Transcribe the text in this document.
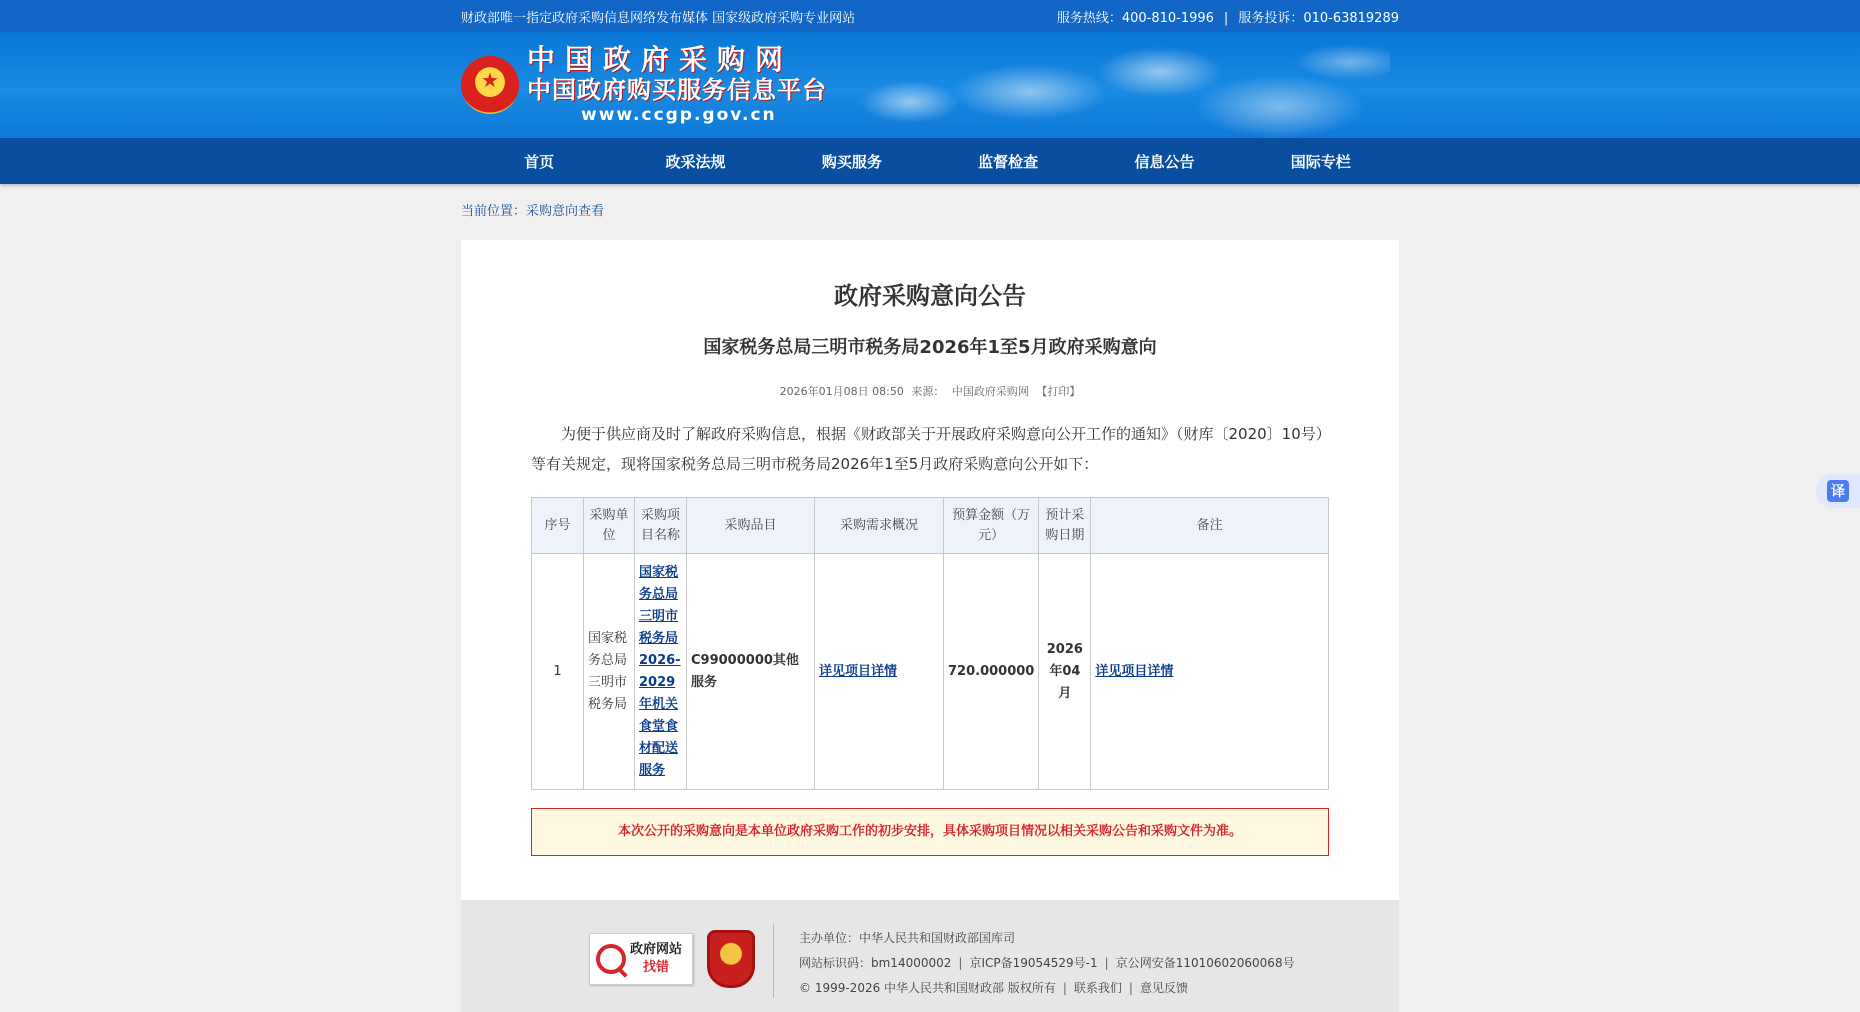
财政部唯一指定政府采购信息网络发布媒体 国家级政府采购专业网站	服务热线：400-810-1996 | 服务投诉：010-63819289
★
中国政府采购网
中国政府购买服务信息平台
www.ccgp.gov.cn
首页	政采法规	购买服务	监督检查	信息公告	国际专栏
当前位置：采购意向查看
政府采购意向公告
国家税务总局三明市税务局2026年1至5月政府采购意向
2026年01月08日 08:50 来源： 中国政府采购网 【打印】

为便于供应商及时了解政府采购信息，根据《财政部关于开展政府采购意向公开工作的通知》（财库〔2020〕10号）等有关规定，现将国家税务总局三明市税务局2026年1至5月政府采购意向公开如下：

序号	采购单位	采购项目名称	采购品目	采购需求概况	预算金额（万元）	预计采购日期	备注
1	国家税务总局三明市税务局	国家税务总局三明市税务局2026-2029年机关食堂食材配送服务	C99000000其他服务	详见项目详情	720.000000	2026年04月	详见项目详情
本次公开的采购意向是本单位政府采购工作的初步安排，具体采购项目情况以相关采购公告和采购文件为准。
政府网站
找错
主办单位：中华人民共和国财政部国库司
网站标识码：bm14000002 | 京ICP备19054529号-1 | 京公网安备11010602060068号
© 1999-2026 中华人民共和国财政部 版权所有 | 联系我们 | 意见反馈
译
